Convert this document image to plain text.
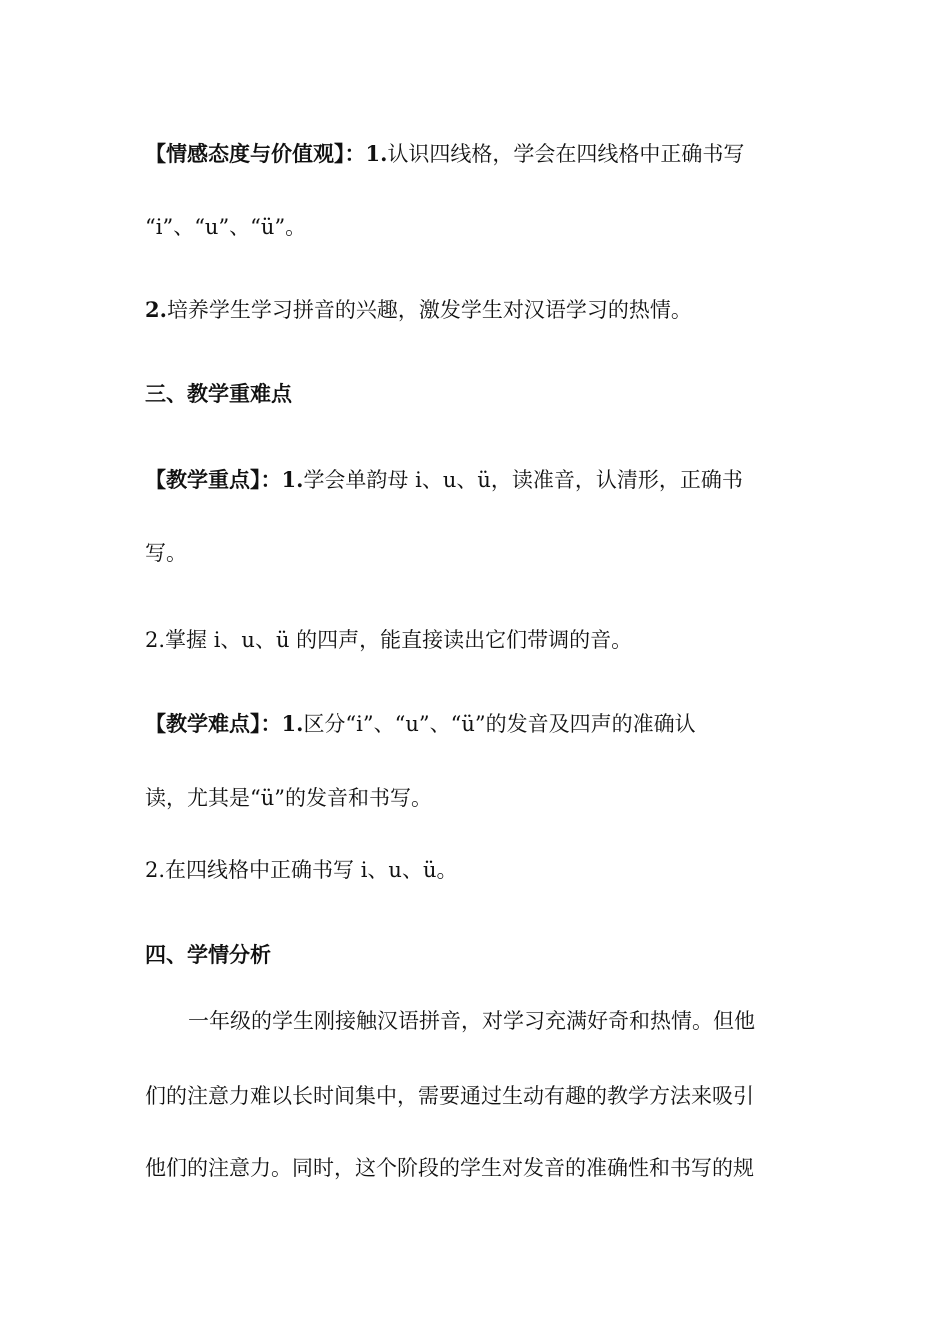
【情感态度与价值观】：1.认识四线格，学会在四线格中正确书写
“i”、“u”、“ü”。
2.培养学生学习拼音的兴趣，激发学生对汉语学习的热情。
三、教学重难点
【教学重点】：1.学会单韵母 i、u、ü，读准音，认清形，正确书
写。
2.掌握 i、u、ü 的四声，能直接读出它们带调的音。
【教学难点】：1.区分“i”、“u”、“ü”的发音及四声的准确认
读，尤其是“ü”的发音和书写。
2.在四线格中正确书写 i、u、ü。
四、学情分析
一年级的学生刚接触汉语拼音，对学习充满好奇和热情。但他
们的注意力难以长时间集中，需要通过生动有趣的教学方法来吸引
他们的注意力。同时，这个阶段的学生对发音的准确性和书写的规
